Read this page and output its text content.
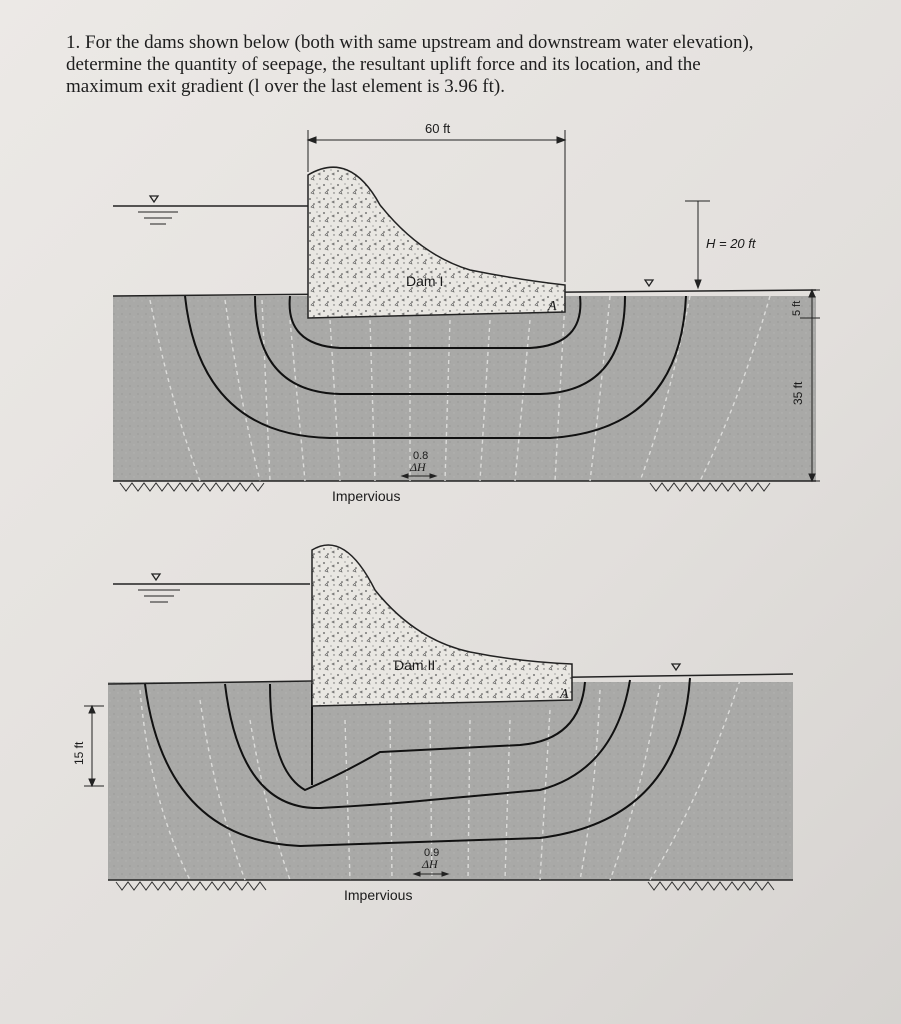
1. For the dams shown below (both with same upstream and downstream water elevation),
determine the quantity of seepage, the resultant uplift force and its location, and the
maximum exit gradient (l over the last element is 3.96 ft).
Dam I
A
60 ft
H = 20 ft
5 ft
35 ft
0.8
ΔH
Impervious
Dam II
A
15 ft
0.9
ΔH
Impervious
